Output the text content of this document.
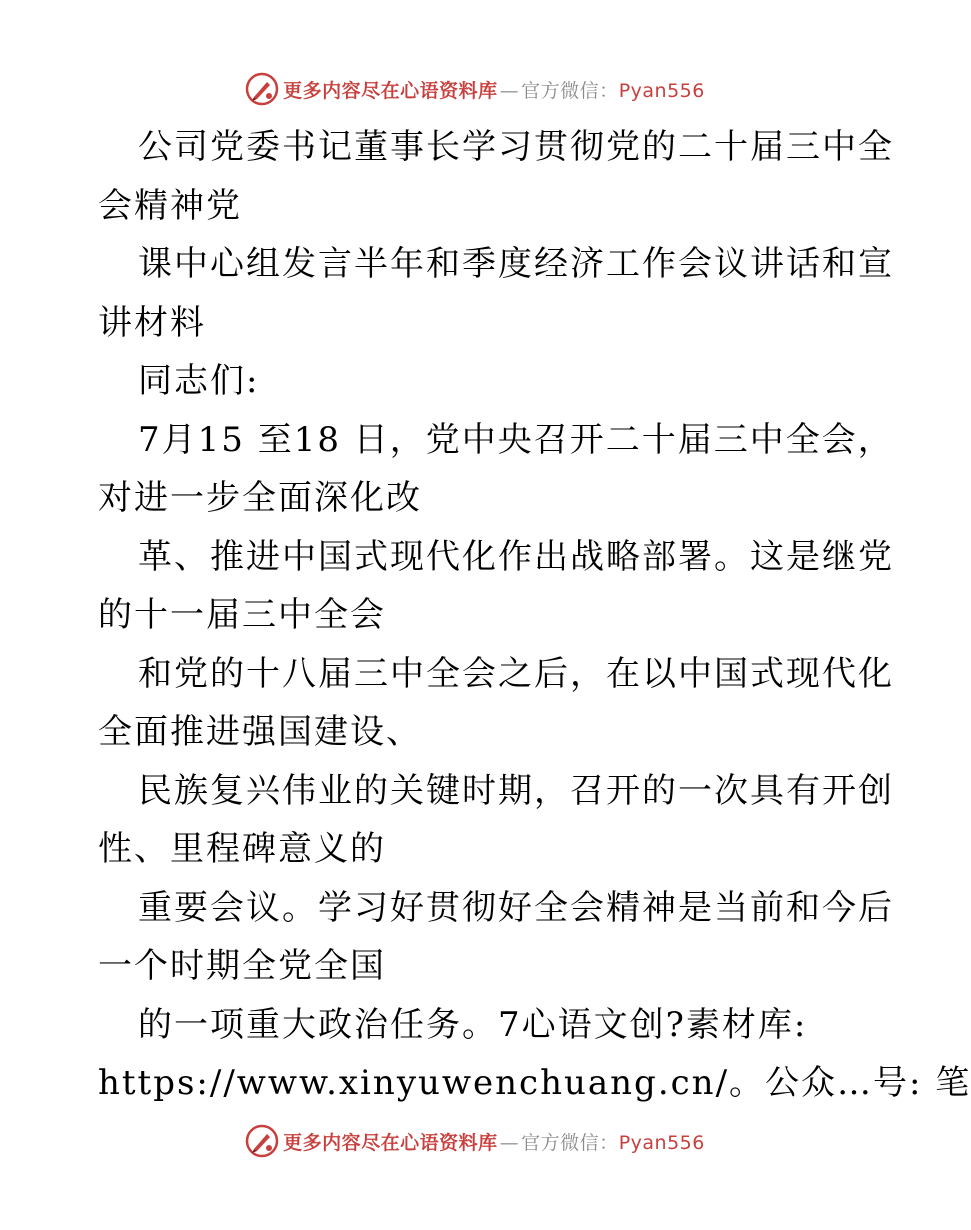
更多内容尽在心语资料库 — 官方微信：Pyan556
公司党委书记董事长学习贯彻党的二十届三中全
会精神党
课中心组发言半年和季度经济工作会议讲话和宣
讲材料
同志们:
7月15 至18 日，党中央召开二十届三中全会，
对进一步全面深化改
革、推进中国式现代化作出战略部署。这是继党
的十一届三中全会
和党的十八届三中全会之后，在以中国式现代化
全面推进强国建设、
民族复兴伟业的关键时期，召开的一次具有开创
性、里程碑意义的
重要会议。学习好贯彻好全会精神是当前和今后
一个时期全党全国
的一项重大政治任务。7心语文创?素材库:
https://www.xinyuwenchuang.cn/。公众…号: 笔
更多内容尽在心语资料库 — 官方微信：Pyan556
